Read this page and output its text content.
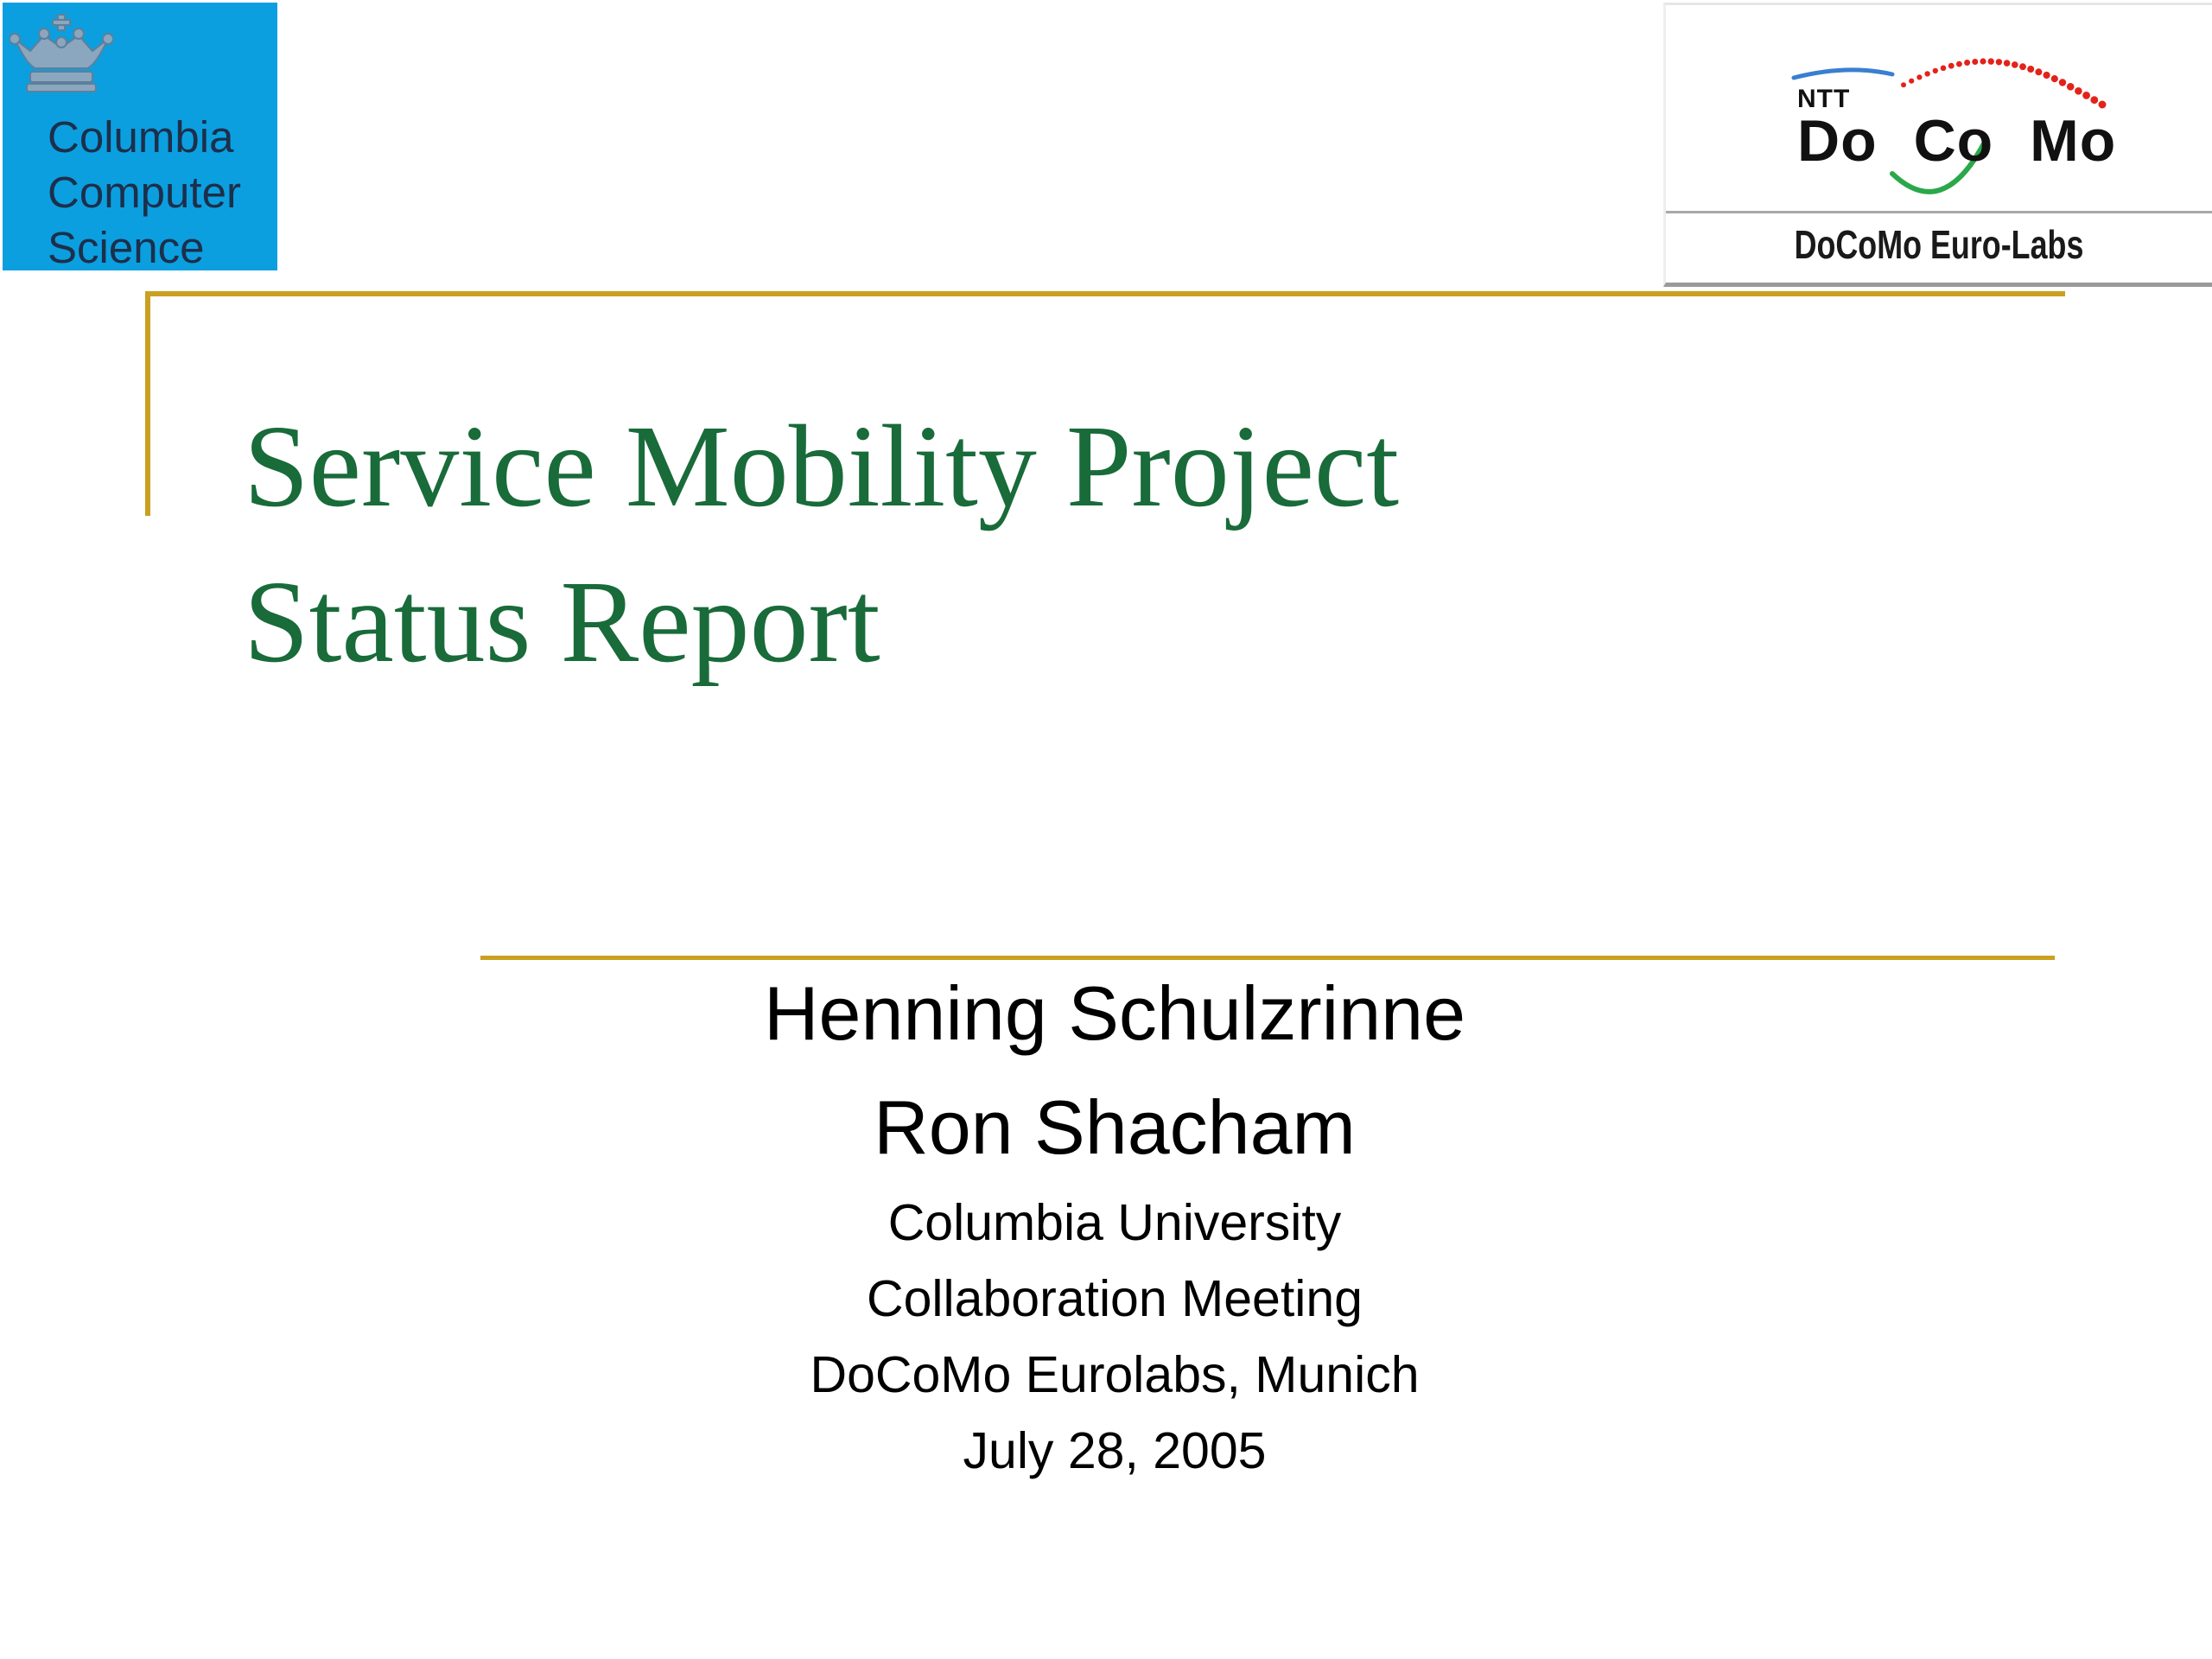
Columbia
Computer
Science
NTT
Do Co Mo
DoCoMo Euro-Labs
Service Mobility Project
Status Report
Henning Schulzrinne
Ron Shacham
Columbia University
Collaboration Meeting
DoCoMo Eurolabs, Munich
July 28, 2005
